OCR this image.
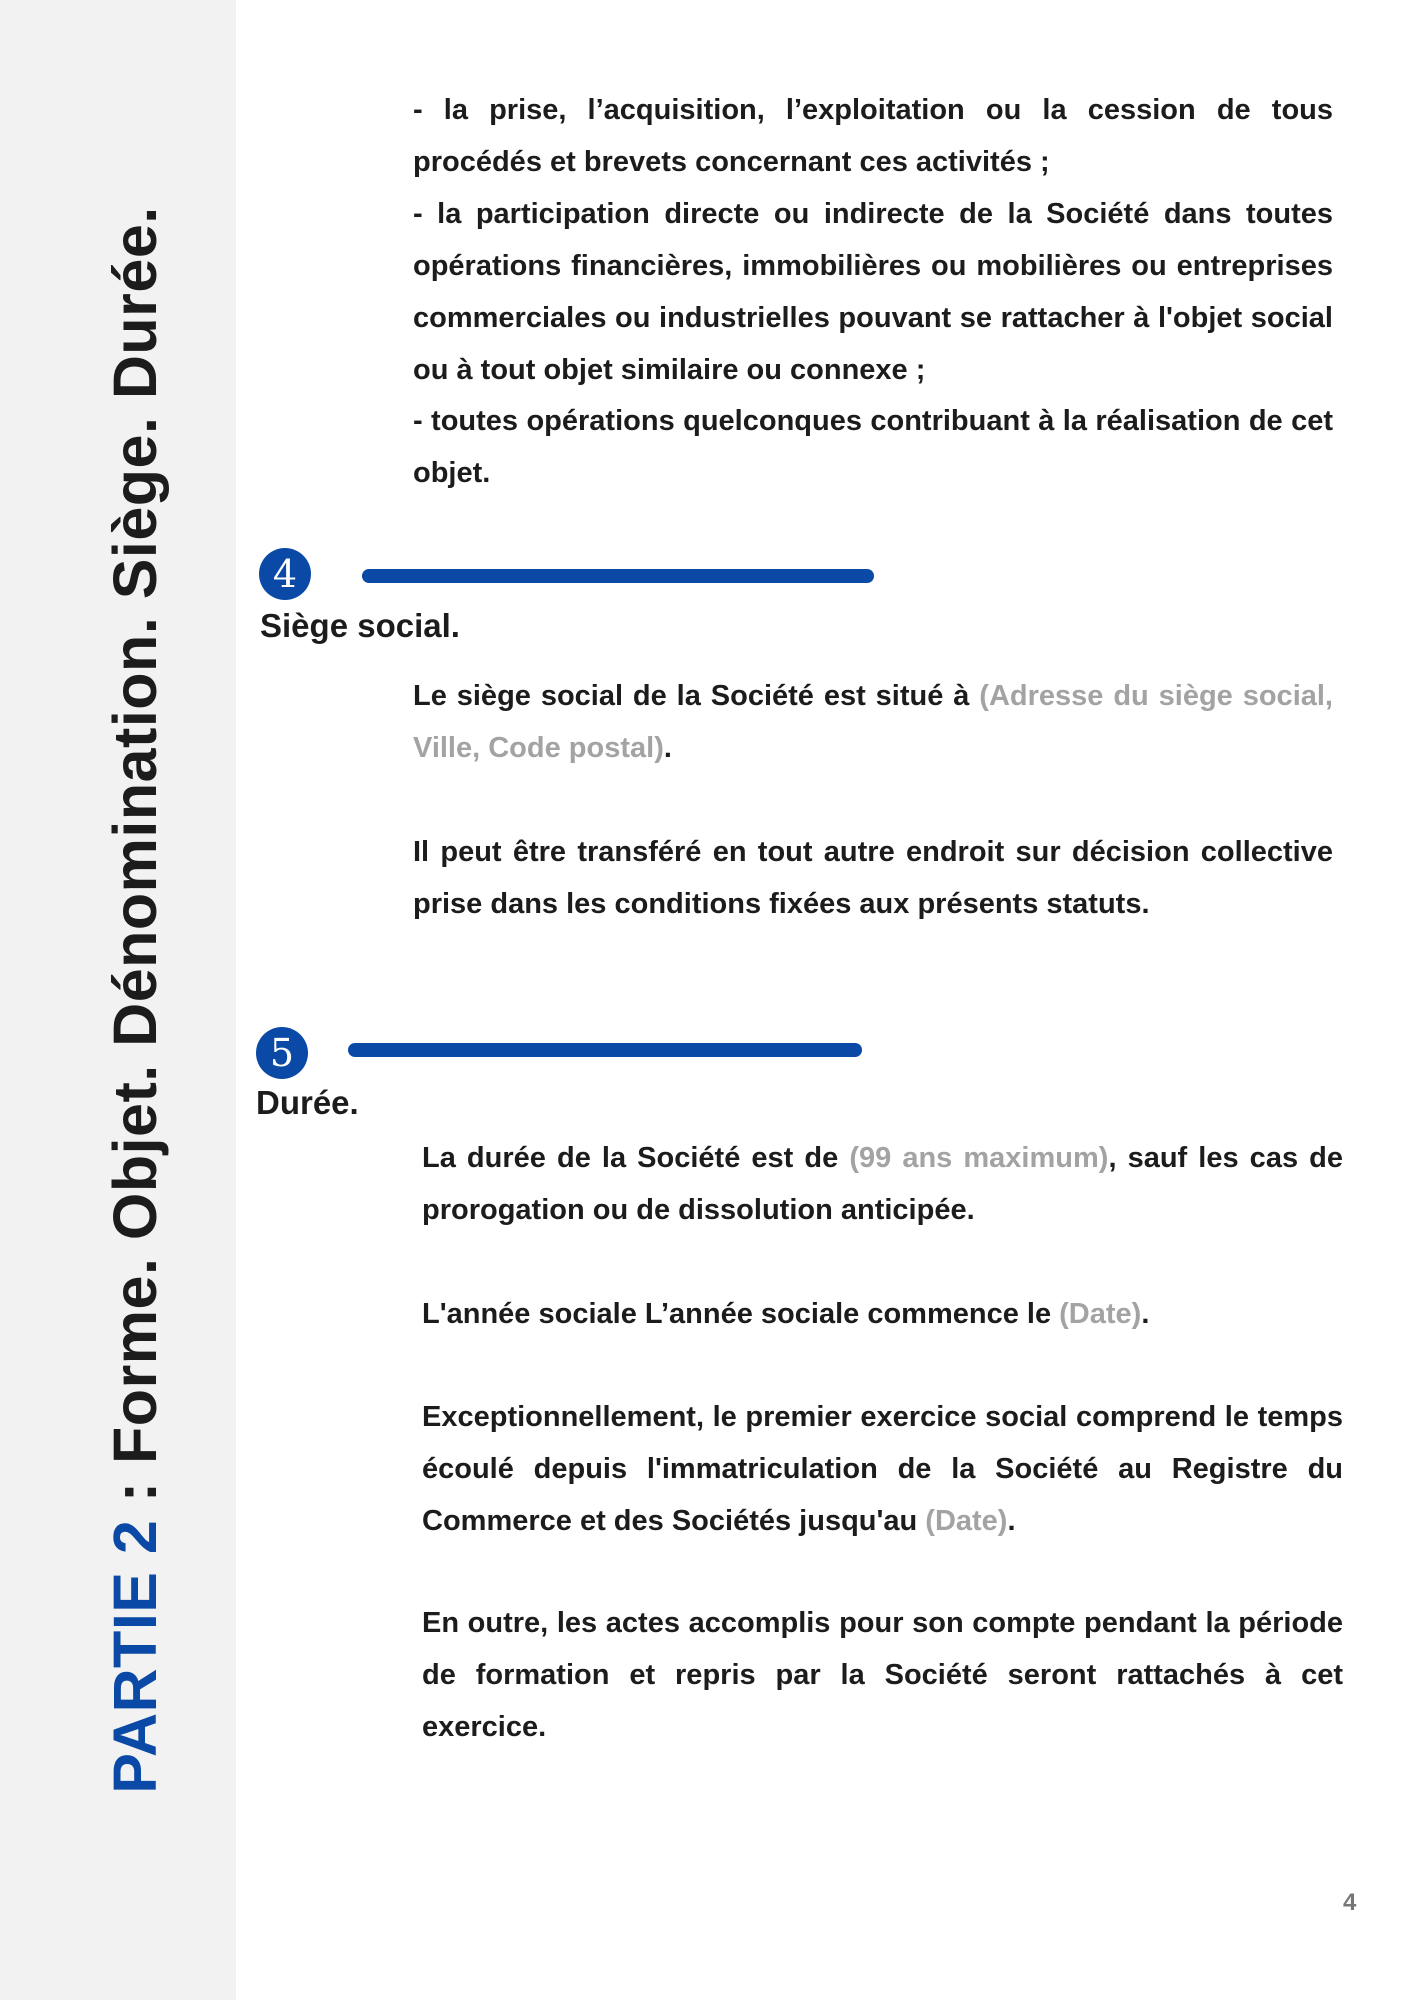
PARTIE 2 : Forme. Objet. Dénomination. Siège. Durée.

- la prise, l’acquisition, l’exploitation ou la cession de tous procédés et brevets concernant ces activités ;

- la participation directe ou indirecte de la Société dans toutes opérations financières, immobilières ou mobilières ou entreprises commerciales ou industrielles pouvant se rattacher à l'objet social ou à tout objet similaire ou connexe ;

- toutes opérations quelconques contribuant à la réalisation de cet objet.

4
Siège social.

Le siège social de la Société est situé à (Adresse du siège social, Ville, Code postal).

Il peut être transféré en tout autre endroit sur décision collective prise dans les conditions fixées aux présents statuts.

5
Durée.

La durée de la Société est de (99 ans maximum), sauf les cas de prorogation ou de dissolution anticipée.

L'année sociale L’année sociale commence le (Date).

Exceptionnellement, le premier exercice social comprend le temps écoulé depuis l'immatriculation de la Société au Registre du Commerce et des Sociétés jusqu'au (Date).

En outre, les actes accomplis pour son compte pendant la période de formation et repris par la Société seront rattachés à cet exercice.

4
